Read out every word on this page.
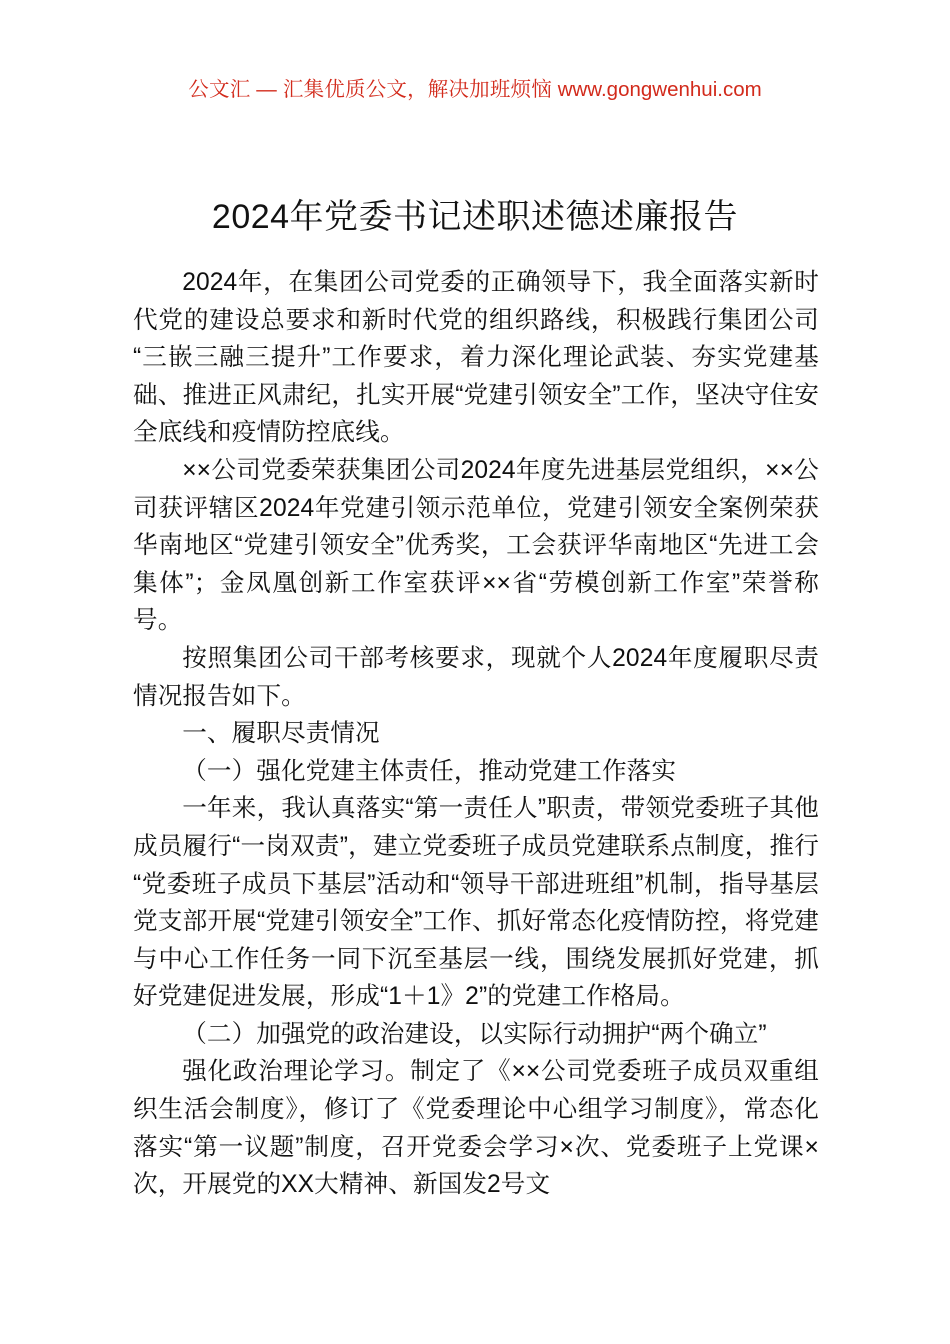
公文汇 — 汇集优质公文，解决加班烦恼 www.gongwenhui.com
2024年党委书记述职述德述廉报告

2024年，在集团公司党委的正确领导下，我全面落实新时代党的建设总要求和新时代党的组织路线，积极践行集团公司“三嵌三融三提升”工作要求，着力深化理论武装、夯实党建基础、推进正风肃纪，扎实开展“党建引领安全”工作，坚决守住安全底线和疫情防控底线。

××公司党委荣获集团公司2024年度先进基层党组织，××公司获评辖区2024年党建引领示范单位，党建引领安全案例荣获华南地区“党建引领安全”优秀奖，工会获评华南地区“先进工会集体”；金凤凰创新工作室获评××省“劳模创新工作室”荣誉称号。

按照集团公司干部考核要求，现就个人2024年度履职尽责情况报告如下。

一、履职尽责情况

（一）强化党建主体责任，推动党建工作落实

一年来，我认真落实“第一责任人”职责，带领党委班子其他成员履行“一岗双责”，建立党委班子成员党建联系点制度，推行“党委班子成员下基层”活动和“领导干部进班组”机制，指导基层党支部开展“党建引领安全”工作、抓好常态化疫情防控，将党建与中心工作任务一同下沉至基层一线，围绕发展抓好党建，抓好党建促进发展，形成“1＋1》2”的党建工作格局。

（二）加强党的政治建设，以实际行动拥护“两个确立”

强化政治理论学习。制定了《××公司党委班子成员双重组织生活会制度》，修订了《党委理论中心组学习制度》，常态化落实“第一议题”制度，召开党委会学习×次、党委班子上党课×次，开展党的XX大精神、新国发2号文
